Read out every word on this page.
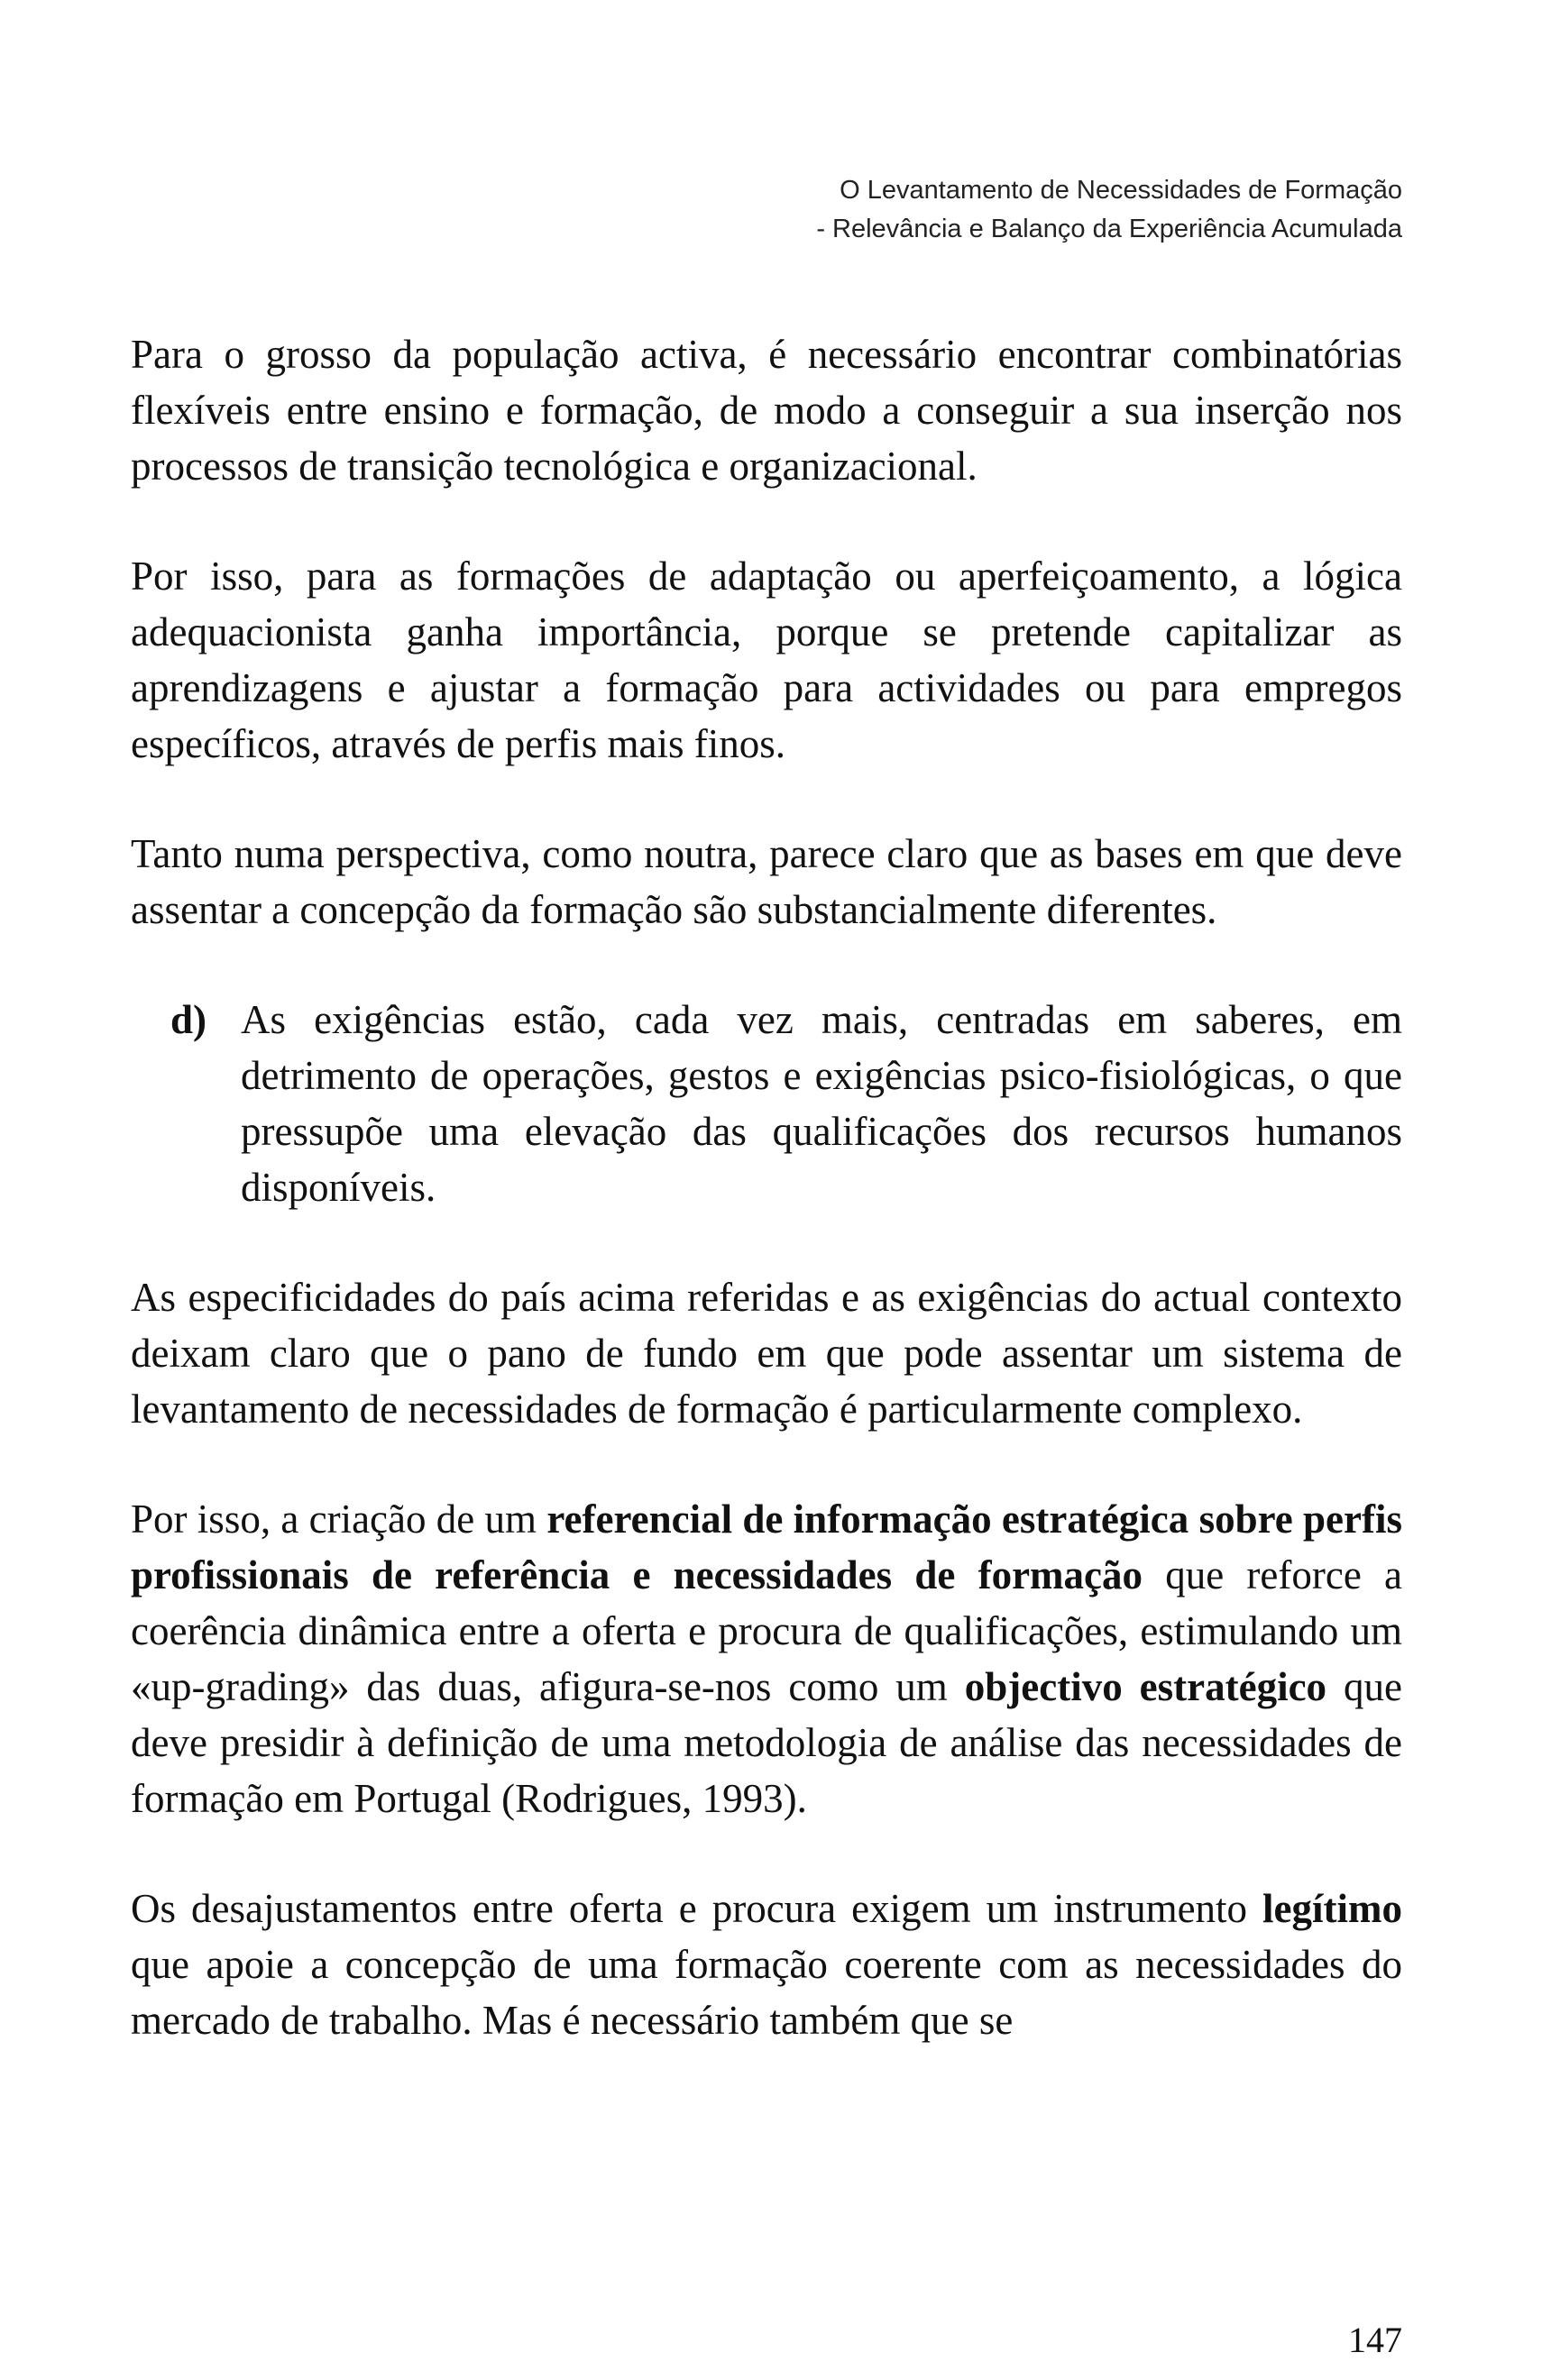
O Levantamento de Necessidades de Formação
- Relevância e Balanço da Experiência Acumulada

Para o grosso da população activa, é necessário encontrar combinatórias flexíveis entre ensino e formação, de modo a conseguir a sua inserção nos processos de transição tecnológica e organizacional.

Por isso, para as formações de adaptação ou aperfeiçoamento, a lógica adequacionista ganha importância, porque se pretende capitalizar as aprendizagens e ajustar a formação para actividades ou para empregos específicos, através de perfis mais finos.

Tanto numa perspectiva, como noutra, parece claro que as bases em que deve assentar a concepção da formação são substancialmente diferentes.

d) As exigências estão, cada vez mais, centradas em saberes, em detrimento de operações, gestos e exigências psico-fisiológicas, o que pressupõe uma elevação das qualificações dos recursos humanos disponíveis.

As especificidades do país acima referidas e as exigências do actual contexto deixam claro que o pano de fundo em que pode assentar um sistema de levantamento de necessidades de formação é particularmente complexo.

Por isso, a criação de um referencial de informação estratégica sobre perfis profissionais de referência e necessidades de formação que reforce a coerência dinâmica entre a oferta e procura de qualificações, estimulando um «up-grading» das duas, afigura-se-nos como um objectivo estratégico que deve presidir à definição de uma metodologia de análise das necessidades de formação em Portugal (Rodrigues, 1993).

Os desajustamentos entre oferta e procura exigem um instrumento legítimo que apoie a concepção de uma formação coerente com as necessidades do mercado de trabalho. Mas é necessário também que se

147
